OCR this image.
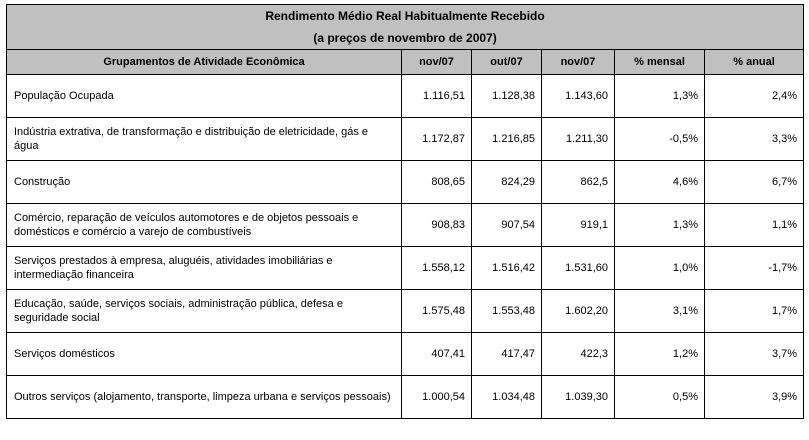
Rendimento Médio Real Habitualmente Recebido					
(a preços de novembro de 2007)					
Grupamentos de Atividade Econômica	nov/07	out/07	nov/07	% mensal	% anual
População Ocupada	1.116,51	1.128,38	1.143,60	1,3%	2,4%
Indústria extrativa, de transformação e distribuição de eletricidade, gás e água	1.172,87	1.216,85	1.211,30	-0,5%	3,3%
Construção	808,65	824,29	862,5	4,6%	6,7%
Comércio, reparação de veículos automotores e de objetos pessoais e domésticos e comércio a varejo de combustíveis	908,83	907,54	919,1	1,3%	1,1%
Serviços prestados à empresa, aluguéis, atividades imobiliárias e intermediação financeira	1.558,12	1.516,42	1.531,60	1,0%	-1,7%
Educação, saúde, serviços sociais, administração pública, defesa e seguridade social	1.575,48	1.553,48	1.602,20	3,1%	1,7%
Serviços domésticos	407,41	417,47	422,3	1,2%	3,7%
Outros serviços (alojamento, transporte, limpeza urbana e serviços pessoais)	1.000,54	1.034,48	1.039,30	0,5%	3,9%
